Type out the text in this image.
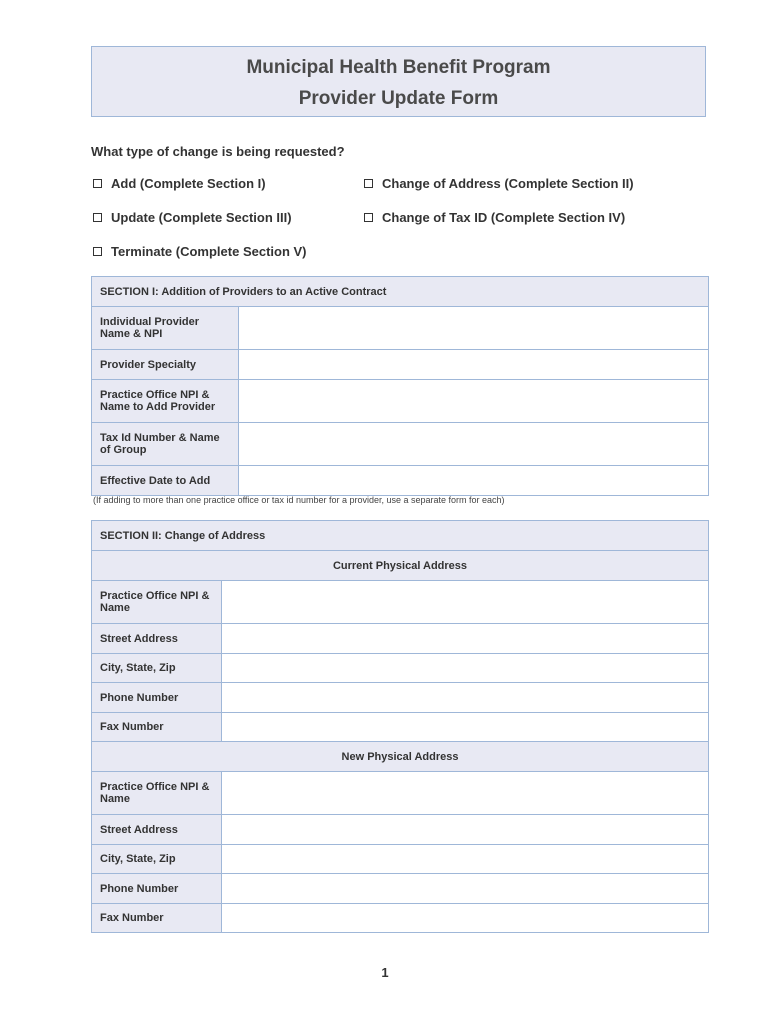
Municipal Health Benefit Program
Provider Update Form
What type of change is being requested?
Add (Complete Section I)	Change of Address (Complete Section II)
Update (Complete Section III)	Change of Tax ID (Complete Section IV)
Terminate (Complete Section V)
SECTION I: Addition of Providers to an Active Contract	
Individual Provider Name & NPI	
Provider Specialty	
Practice Office NPI & Name to Add Provider	
Tax Id Number & Name of Group	
Effective Date to Add	
(If adding to more than one practice office or tax id number for a provider, use a separate form for each)
SECTION II: Change of Address	
Current Physical Address	
Practice Office NPI & Name	
Street Address	
City, State, Zip	
Phone Number	
Fax Number	
New Physical Address	
Practice Office NPI & Name	
Street Address	
City, State, Zip	
Phone Number	
Fax Number	
1
